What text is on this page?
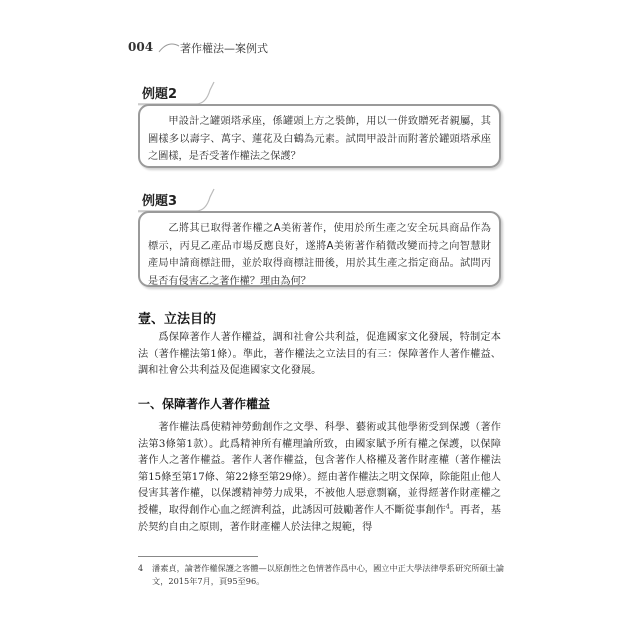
004 著作權法—案例式
例題2

甲設計之罐頭塔承座，係罐頭上方之裝飾，用以一併致贈死者親屬，其圖樣多以壽字、萬字、蓮花及白鶴為元素。試問甲設計而附著於罐頭塔承座之圖樣，是否受著作權法之保護？

例題3

乙將其已取得著作權之A美術著作，使用於所生產之安全玩具商品作為標示，丙見乙產品市場反應良好，遂將A美術著作稍微改變而持之向智慧財產局申請商標註冊，並於取得商標註冊後，用於其生產之指定商品。試問丙是否有侵害乙之著作權？理由為何？

壹、立法目的

爲保障著作人著作權益，調和社會公共利益，促進國家文化發展，特制定本法（著作權法第1條）。準此，著作權法之立法目的有三：保障著作人著作權益、調和社會公共利益及促進國家文化發展。

一、保障著作人著作權益

著作權法爲使精神勞動創作之文學、科學、藝術或其他學術受到保護（著作法第3條第1款）。此爲精神所有權理論所致，由國家賦予所有權之保護，以保障著作人之著作權益。著作人著作權益，包含著作人格權及著作財產權（著作權法第15條至第17條、第22條至第29條）。經由著作權法之明文保障，除能阻止他人侵害其著作權，以保護精神勞力成果，不被他人惡意剽竊，並得經著作財產權之授權，取得創作心血之經濟利益，此誘因可鼓勵著作人不斷從事創作$^4$。再者，基於契約自由之原則，著作財產權人於法律之規範，得

4 潘素貞，論著作權保護之客體—以原創性之色情著作爲中心，國立中正大學法律學系研究所碩士論文，2015年7月，頁95至96。
